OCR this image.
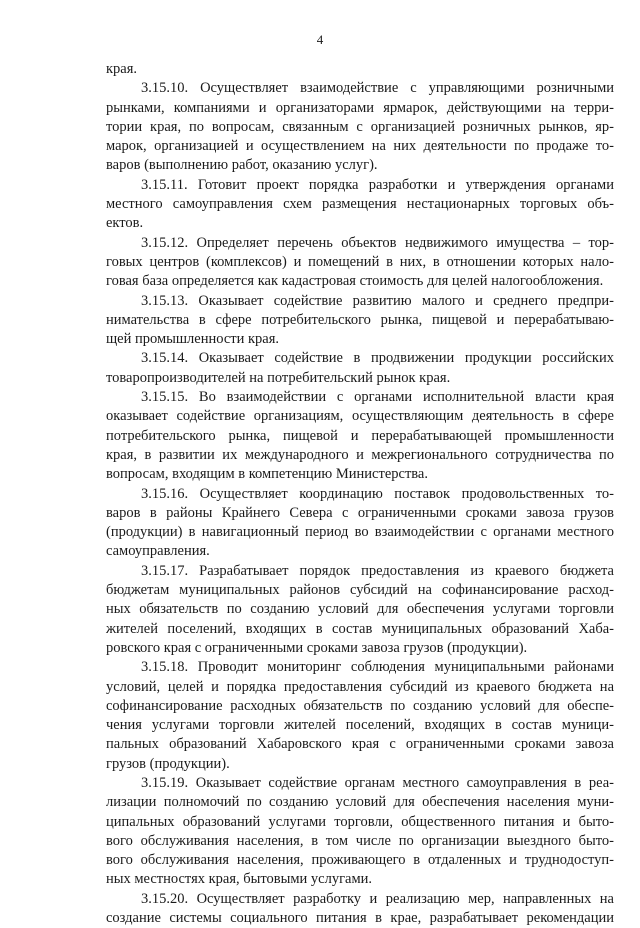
4
края.
3.15.10. Осуществляет взаимодействие с управляющими розничными
рынками, компаниями и организаторами ярмарок, действующими на терри-
тории края, по вопросам, связанным с организацией розничных рынков, яр-
марок, организацией и осуществлением на них деятельности по продаже то-
варов (выполнению работ, оказанию услуг).
3.15.11. Готовит проект порядка разработки и утверждения органами
местного самоуправления схем размещения нестационарных торговых объ-
ектов.
3.15.12. Определяет перечень объектов недвижимого имущества – тор-
говых центров (комплексов) и помещений в них, в отношении которых нало-
говая база определяется как кадастровая стоимость для целей налогообложения.
3.15.13. Оказывает содействие развитию малого и среднего предпри-
нимательства в сфере потребительского рынка, пищевой и перерабатываю-
щей промышленности края.
3.15.14. Оказывает содействие в продвижении продукции российских
товаропроизводителей на потребительский рынок края.
3.15.15. Во взаимодействии с органами исполнительной власти края
оказывает содействие организациям, осуществляющим деятельность в сфере
потребительского рынка, пищевой и перерабатывающей промышленности
края, в развитии их международного и межрегионального сотрудничества по
вопросам, входящим в компетенцию Министерства.
3.15.16. Осуществляет координацию поставок продовольственных то-
варов в районы Крайнего Севера с ограниченными сроками завоза грузов
(продукции) в навигационный период во взаимодействии с органами местного
самоуправления.
3.15.17. Разрабатывает порядок предоставления из краевого бюджета
бюджетам муниципальных районов субсидий на софинансирование расход-
ных обязательств по созданию условий для обеспечения услугами торговли
жителей поселений, входящих в состав муниципальных образований Хаба-
ровского края с ограниченными сроками завоза грузов (продукции).
3.15.18. Проводит мониторинг соблюдения муниципальными районами
условий, целей и порядка предоставления субсидий из краевого бюджета на
софинансирование расходных обязательств по созданию условий для обеспе-
чения услугами торговли жителей поселений, входящих в состав муници-
пальных образований Хабаровского края с ограниченными сроками завоза
грузов (продукции).
3.15.19. Оказывает содействие органам местного самоуправления в реа-
лизации полномочий по созданию условий для обеспечения населения муни-
ципальных образований услугами торговли, общественного питания и быто-
вого обслуживания населения, в том числе по организации выездного быто-
вого обслуживания населения, проживающего в отдаленных и труднодоступ-
ных местностях края, бытовыми услугами.
3.15.20. Осуществляет разработку и реализацию мер, направленных на
создание системы социального питания в крае, разрабатывает рекомендации
